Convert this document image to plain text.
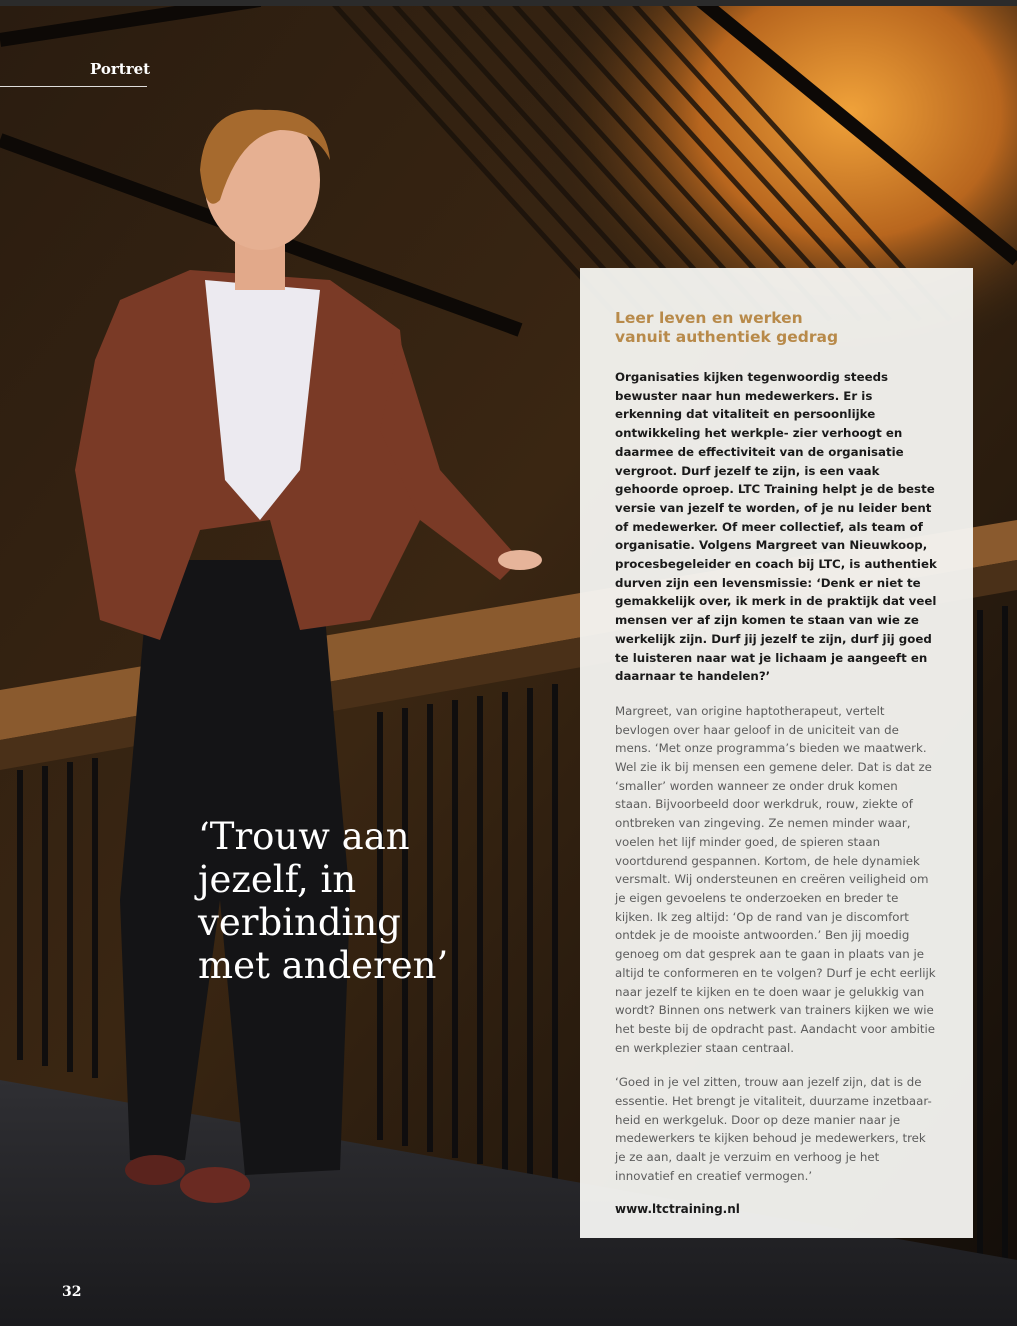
Portret
‘Trouw aan
jezelf, in
verbinding
met anderen’
Leer leven en werken
vanuit authentiek gedrag

Organisaties kijken tegenwoordig steeds bewuster naar hun medewerkers. Er is erkenning dat vitaliteit en persoonlijke ontwikkeling het werkple- zier verhoogt en daarmee de effectiviteit van de organisatie vergroot. Durf jezelf te zijn, is een vaak gehoorde oproep. LTC Training helpt je de beste versie van jezelf te worden, of je nu leider bent of medewerker. Of meer collectief, als team of organisatie. Volgens Margreet van Nieuwkoop, procesbegeleider en coach bij LTC, is authentiek durven zijn een levensmissie: ‘Denk er niet te gemakkelijk over, ik merk in de praktijk dat veel mensen ver af zijn komen te staan van wie ze werkelijk zijn. Durf jij jezelf te zijn, durf jij goed te luisteren naar wat je lichaam je aangeeft en daarnaar te handelen?’

Margreet, van origine haptotherapeut, vertelt bevlogen over haar geloof in de uniciteit van de mens. ‘Met onze programma’s bieden we maatwerk. Wel zie ik bij mensen een gemene deler. Dat is dat ze ‘smaller’ worden wanneer ze onder druk komen staan. Bijvoorbeeld door werkdruk, rouw, ziekte of ontbreken van zingeving. Ze nemen minder waar, voelen het lijf minder goed, de spieren staan voortdurend gespannen. Kortom, de hele dynamiek versmalt. Wij ondersteunen en creëren veiligheid om je eigen gevoelens te onderzoeken en breder te kijken. Ik zeg altijd: ‘Op de rand van je discomfort ontdek je de mooiste antwoorden.’ Ben jij moedig genoeg om dat gesprek aan te gaan in plaats van je altijd te conformeren en te volgen? Durf je echt eerlijk naar jezelf te kijken en te doen waar je gelukkig van wordt? Binnen ons netwerk van trainers kijken we wie het beste bij de opdracht past. Aandacht voor ambitie en werkplezier staan centraal.

‘Goed in je vel zitten, trouw aan jezelf zijn, dat is de essentie. Het brengt je vitaliteit, duurzame inzetbaar- heid en werkgeluk. Door op deze manier naar je medewerkers te kijken behoud je medewerkers, trek je ze aan, daalt je verzuim en verhoog je het innovatief en creatief vermogen.’

www.ltctraining.nl

32
